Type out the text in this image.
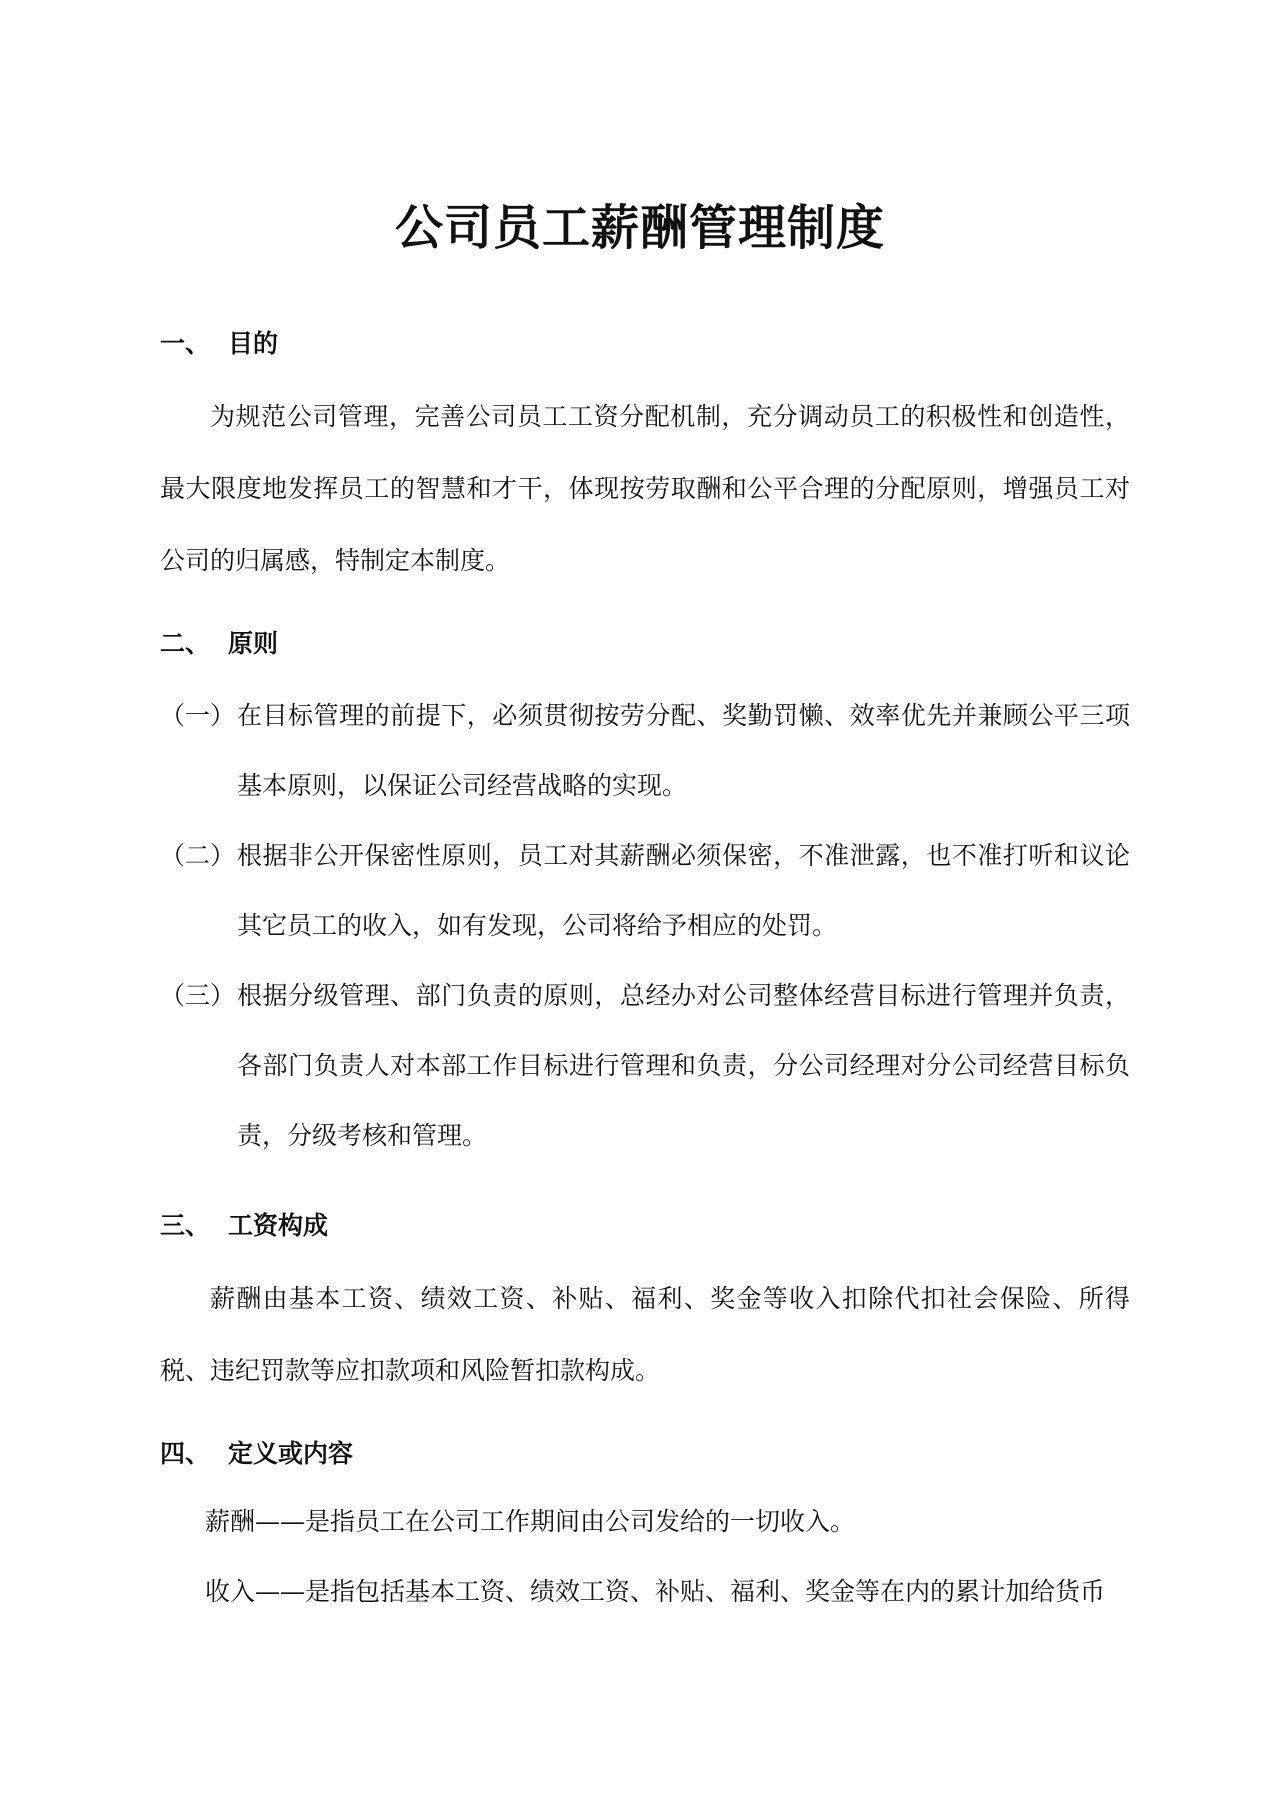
公司员工薪酬管理制度
一、 目的
为规范公司管理，完善公司员工工资分配机制，充分调动员工的积极性和创造性，最大限度地发挥员工的智慧和才干，体现按劳取酬和公平合理的分配原则，增强员工对公司的归属感，特制定本制度。
二、 原则
（一） 在目标管理的前提下，必须贯彻按劳分配、奖勤罚懒、效率优先并兼顾公平三项基本原则，以保证公司经营战略的实现。
（二） 根据非公开保密性原则，员工对其薪酬必须保密，不准泄露，也不准打听和议论其它员工的收入，如有发现，公司将给予相应的处罚。
（三） 根据分级管理、部门负责的原则，总经办对公司整体经营目标进行管理并负责，各部门负责人对本部工作目标进行管理和负责，分公司经理对分公司经营目标负责，分级考核和管理。
三、 工资构成
薪酬由基本工资、绩效工资、补贴、福利、奖金等收入扣除代扣社会保险、所得税、违纪罚款等应扣款项和风险暂扣款构成。
四、 定义或内容
薪酬——是指员工在公司工作期间由公司发给的一切收入。
收入——是指包括基本工资、绩效工资、补贴、福利、奖金等在内的累计加给货币
